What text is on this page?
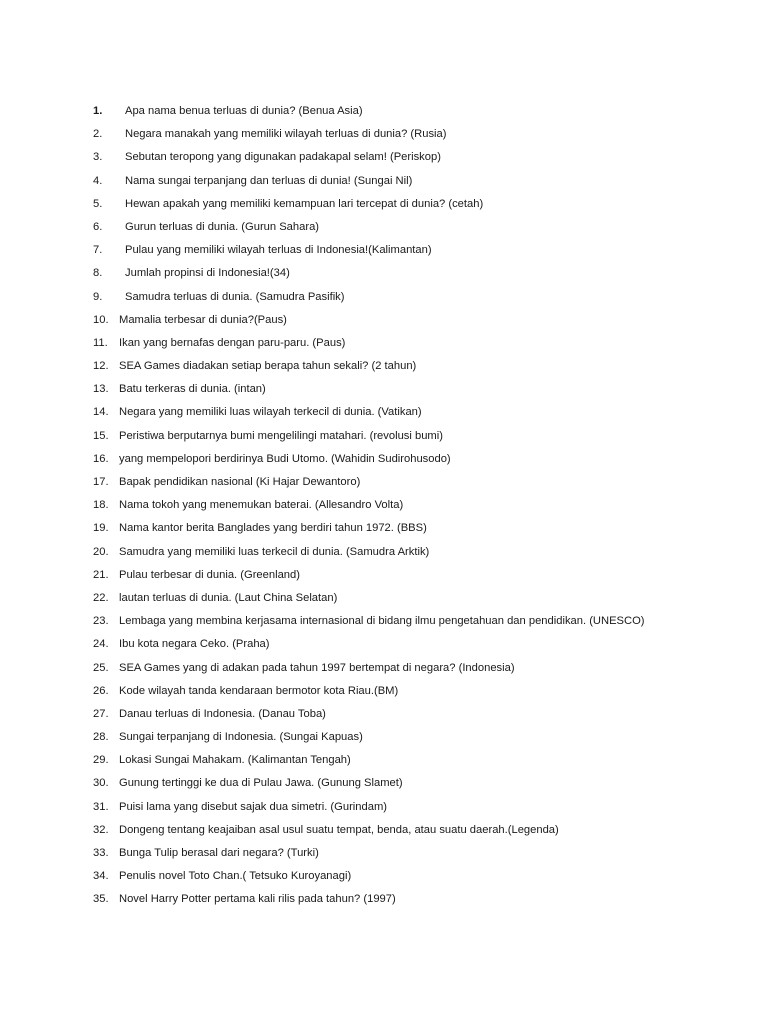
1. Apa nama benua terluas di dunia? (Benua Asia)
2. Negara manakah yang memiliki wilayah terluas di dunia? (Rusia)
3. Sebutan teropong yang digunakan padakapal selam! (Periskop)
4. Nama sungai terpanjang dan terluas di dunia! (Sungai Nil)
5. Hewan apakah yang memiliki kemampuan lari tercepat di dunia? (cetah)
6. Gurun terluas di dunia. (Gurun Sahara)
7. Pulau yang memiliki wilayah terluas di Indonesia!(Kalimantan)
8. Jumlah propinsi di Indonesia!(34)
9. Samudra terluas di dunia. (Samudra Pasifik)
10. Mamalia terbesar di dunia?(Paus)
11. Ikan yang bernafas dengan paru-paru. (Paus)
12. SEA Games diadakan setiap berapa tahun sekali? (2 tahun)
13. Batu terkeras di dunia. (intan)
14. Negara yang memiliki luas wilayah terkecil di dunia. (Vatikan)
15. Peristiwa berputarnya bumi mengelilingi matahari. (revolusi bumi)
16. yang mempelopori berdirinya Budi Utomo. (Wahidin Sudirohusodo)
17. Bapak pendidikan nasional (Ki Hajar Dewantoro)
18. Nama tokoh yang menemukan baterai. (Allesandro Volta)
19. Nama kantor berita Banglades yang berdiri tahun 1972. (BBS)
20. Samudra yang memiliki luas terkecil di dunia. (Samudra Arktik)
21. Pulau terbesar di dunia. (Greenland)
22. lautan terluas di dunia. (Laut China Selatan)
23. Lembaga yang membina kerjasama internasional di bidang ilmu pengetahuan dan pendidikan. (UNESCO)
24. Ibu kota negara Ceko. (Praha)
25. SEA Games yang di adakan pada tahun 1997 bertempat di negara? (Indonesia)
26. Kode wilayah tanda kendaraan bermotor kota Riau.(BM)
27. Danau terluas di Indonesia. (Danau Toba)
28. Sungai terpanjang di Indonesia. (Sungai Kapuas)
29. Lokasi Sungai Mahakam. (Kalimantan Tengah)
30. Gunung tertinggi ke dua di Pulau Jawa. (Gunung Slamet)
31. Puisi lama yang disebut sajak dua simetri. (Gurindam)
32. Dongeng tentang keajaiban asal usul suatu tempat, benda, atau suatu daerah.(Legenda)
33. Bunga Tulip berasal dari negara? (Turki)
34. Penulis novel Toto Chan.( Tetsuko Kuroyanagi)
35. Novel Harry Potter pertama kali rilis pada tahun? (1997)
